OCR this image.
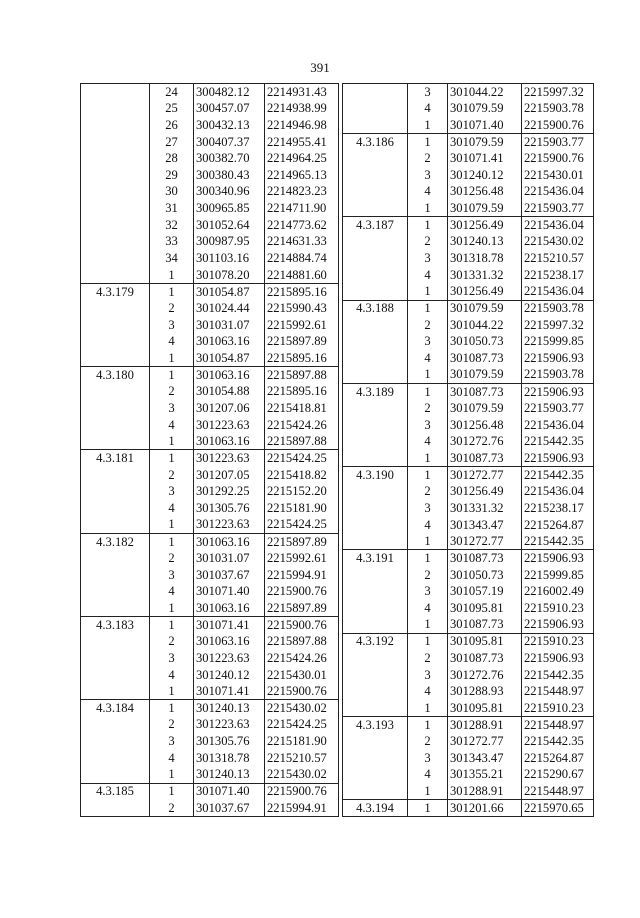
391
	24	300482.12	2214931.43
	25	300457.07	2214938.99
	26	300432.13	2214946.98
	27	300407.37	2214955.41
	28	300382.70	2214964.25
	29	300380.43	2214965.13
	30	300340.96	2214823.23
	31	300965.85	2214711.90
	32	301052.64	2214773.62
	33	300987.95	2214631.33
	34	301103.16	2214884.74
	1	301078.20	2214881.60
4.3.179	1	301054.87	2215895.16
	2	301024.44	2215990.43
	3	301031.07	2215992.61
	4	301063.16	2215897.89
	1	301054.87	2215895.16
4.3.180	1	301063.16	2215897.88
	2	301054.88	2215895.16
	3	301207.06	2215418.81
	4	301223.63	2215424.26
	1	301063.16	2215897.88
4.3.181	1	301223.63	2215424.25
	2	301207.05	2215418.82
	3	301292.25	2215152.20
	4	301305.76	2215181.90
	1	301223.63	2215424.25
4.3.182	1	301063.16	2215897.89
	2	301031.07	2215992.61
	3	301037.67	2215994.91
	4	301071.40	2215900.76
	1	301063.16	2215897.89
4.3.183	1	301071.41	2215900.76
	2	301063.16	2215897.88
	3	301223.63	2215424.26
	4	301240.12	2215430.01
	1	301071.41	2215900.76
4.3.184	1	301240.13	2215430.02
	2	301223.63	2215424.25
	3	301305.76	2215181.90
	4	301318.78	2215210.57
	1	301240.13	2215430.02
4.3.185	1	301071.40	2215900.76
	2	301037.67	2215994.91
	3	301044.22	2215997.32
	4	301079.59	2215903.78
	1	301071.40	2215900.76
4.3.186	1	301079.59	2215903.77
	2	301071.41	2215900.76
	3	301240.12	2215430.01
	4	301256.48	2215436.04
	1	301079.59	2215903.77
4.3.187	1	301256.49	2215436.04
	2	301240.13	2215430.02
	3	301318.78	2215210.57
	4	301331.32	2215238.17
	1	301256.49	2215436.04
4.3.188	1	301079.59	2215903.78
	2	301044.22	2215997.32
	3	301050.73	2215999.85
	4	301087.73	2215906.93
	1	301079.59	2215903.78
4.3.189	1	301087.73	2215906.93
	2	301079.59	2215903.77
	3	301256.48	2215436.04
	4	301272.76	2215442.35
	1	301087.73	2215906.93
4.3.190	1	301272.77	2215442.35
	2	301256.49	2215436.04
	3	301331.32	2215238.17
	4	301343.47	2215264.87
	1	301272.77	2215442.35
4.3.191	1	301087.73	2215906.93
	2	301050.73	2215999.85
	3	301057.19	2216002.49
	4	301095.81	2215910.23
	1	301087.73	2215906.93
4.3.192	1	301095.81	2215910.23
	2	301087.73	2215906.93
	3	301272.76	2215442.35
	4	301288.93	2215448.97
	1	301095.81	2215910.23
4.3.193	1	301288.91	2215448.97
	2	301272.77	2215442.35
	3	301343.47	2215264.87
	4	301355.21	2215290.67
	1	301288.91	2215448.97
4.3.194	1	301201.66	2215970.65
